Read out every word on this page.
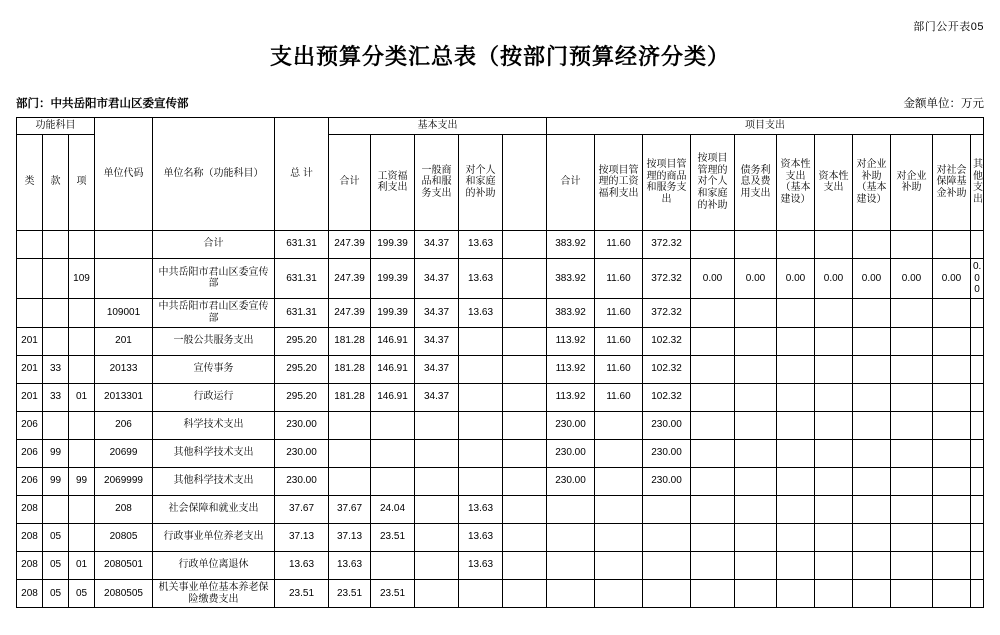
部门公开表05
支出预算分类汇总表（按部门预算经济分类）
部门：中共岳阳市君山区委宣传部	金额单位：万元
功能科目			单位代码	单位名称（功能科目）	总 计	基本支出					项目支出										
类	款	项				合计	工资福利支出	一般商品和服务支出	对个人和家庭的补助		合计	按项目管理的工资福利支出	按项目管理的商品和服务支出	按项目管理的对个人和家庭的补助	债务利息及费用支出	资本性支出（基本建设）	资本性支出	对企业补助（基本建设）	对企业补助	对社会保障基金补助	其他支出
				合计	631.31	247.39	199.39	34.37	13.63		383.92	11.60	372.32								
		109		中共岳阳市君山区委宣传部	631.31	247.39	199.39	34.37	13.63		383.92	11.60	372.32	0.00	0.00	0.00	0.00	0.00	0.00	0.00	0.00
			109001	中共岳阳市君山区委宣传部	631.31	247.39	199.39	34.37	13.63		383.92	11.60	372.32								
201			201	一般公共服务支出	295.20	181.28	146.91	34.37			113.92	11.60	102.32								
201	33		20133	宣传事务	295.20	181.28	146.91	34.37			113.92	11.60	102.32								
201	33	01	2013301	行政运行	295.20	181.28	146.91	34.37			113.92	11.60	102.32								
206			206	科学技术支出	230.00						230.00		230.00								
206	99		20699	其他科学技术支出	230.00						230.00		230.00								
206	99	99	2069999	其他科学技术支出	230.00						230.00		230.00								
208			208	社会保障和就业支出	37.67	37.67	24.04		13.63												
208	05		20805	行政事业单位养老支出	37.13	37.13	23.51		13.63												
208	05	01	2080501	行政单位离退休	13.63	13.63			13.63												
208	05	05	2080505	机关事业单位基本养老保险缴费支出	23.51	23.51	23.51														
